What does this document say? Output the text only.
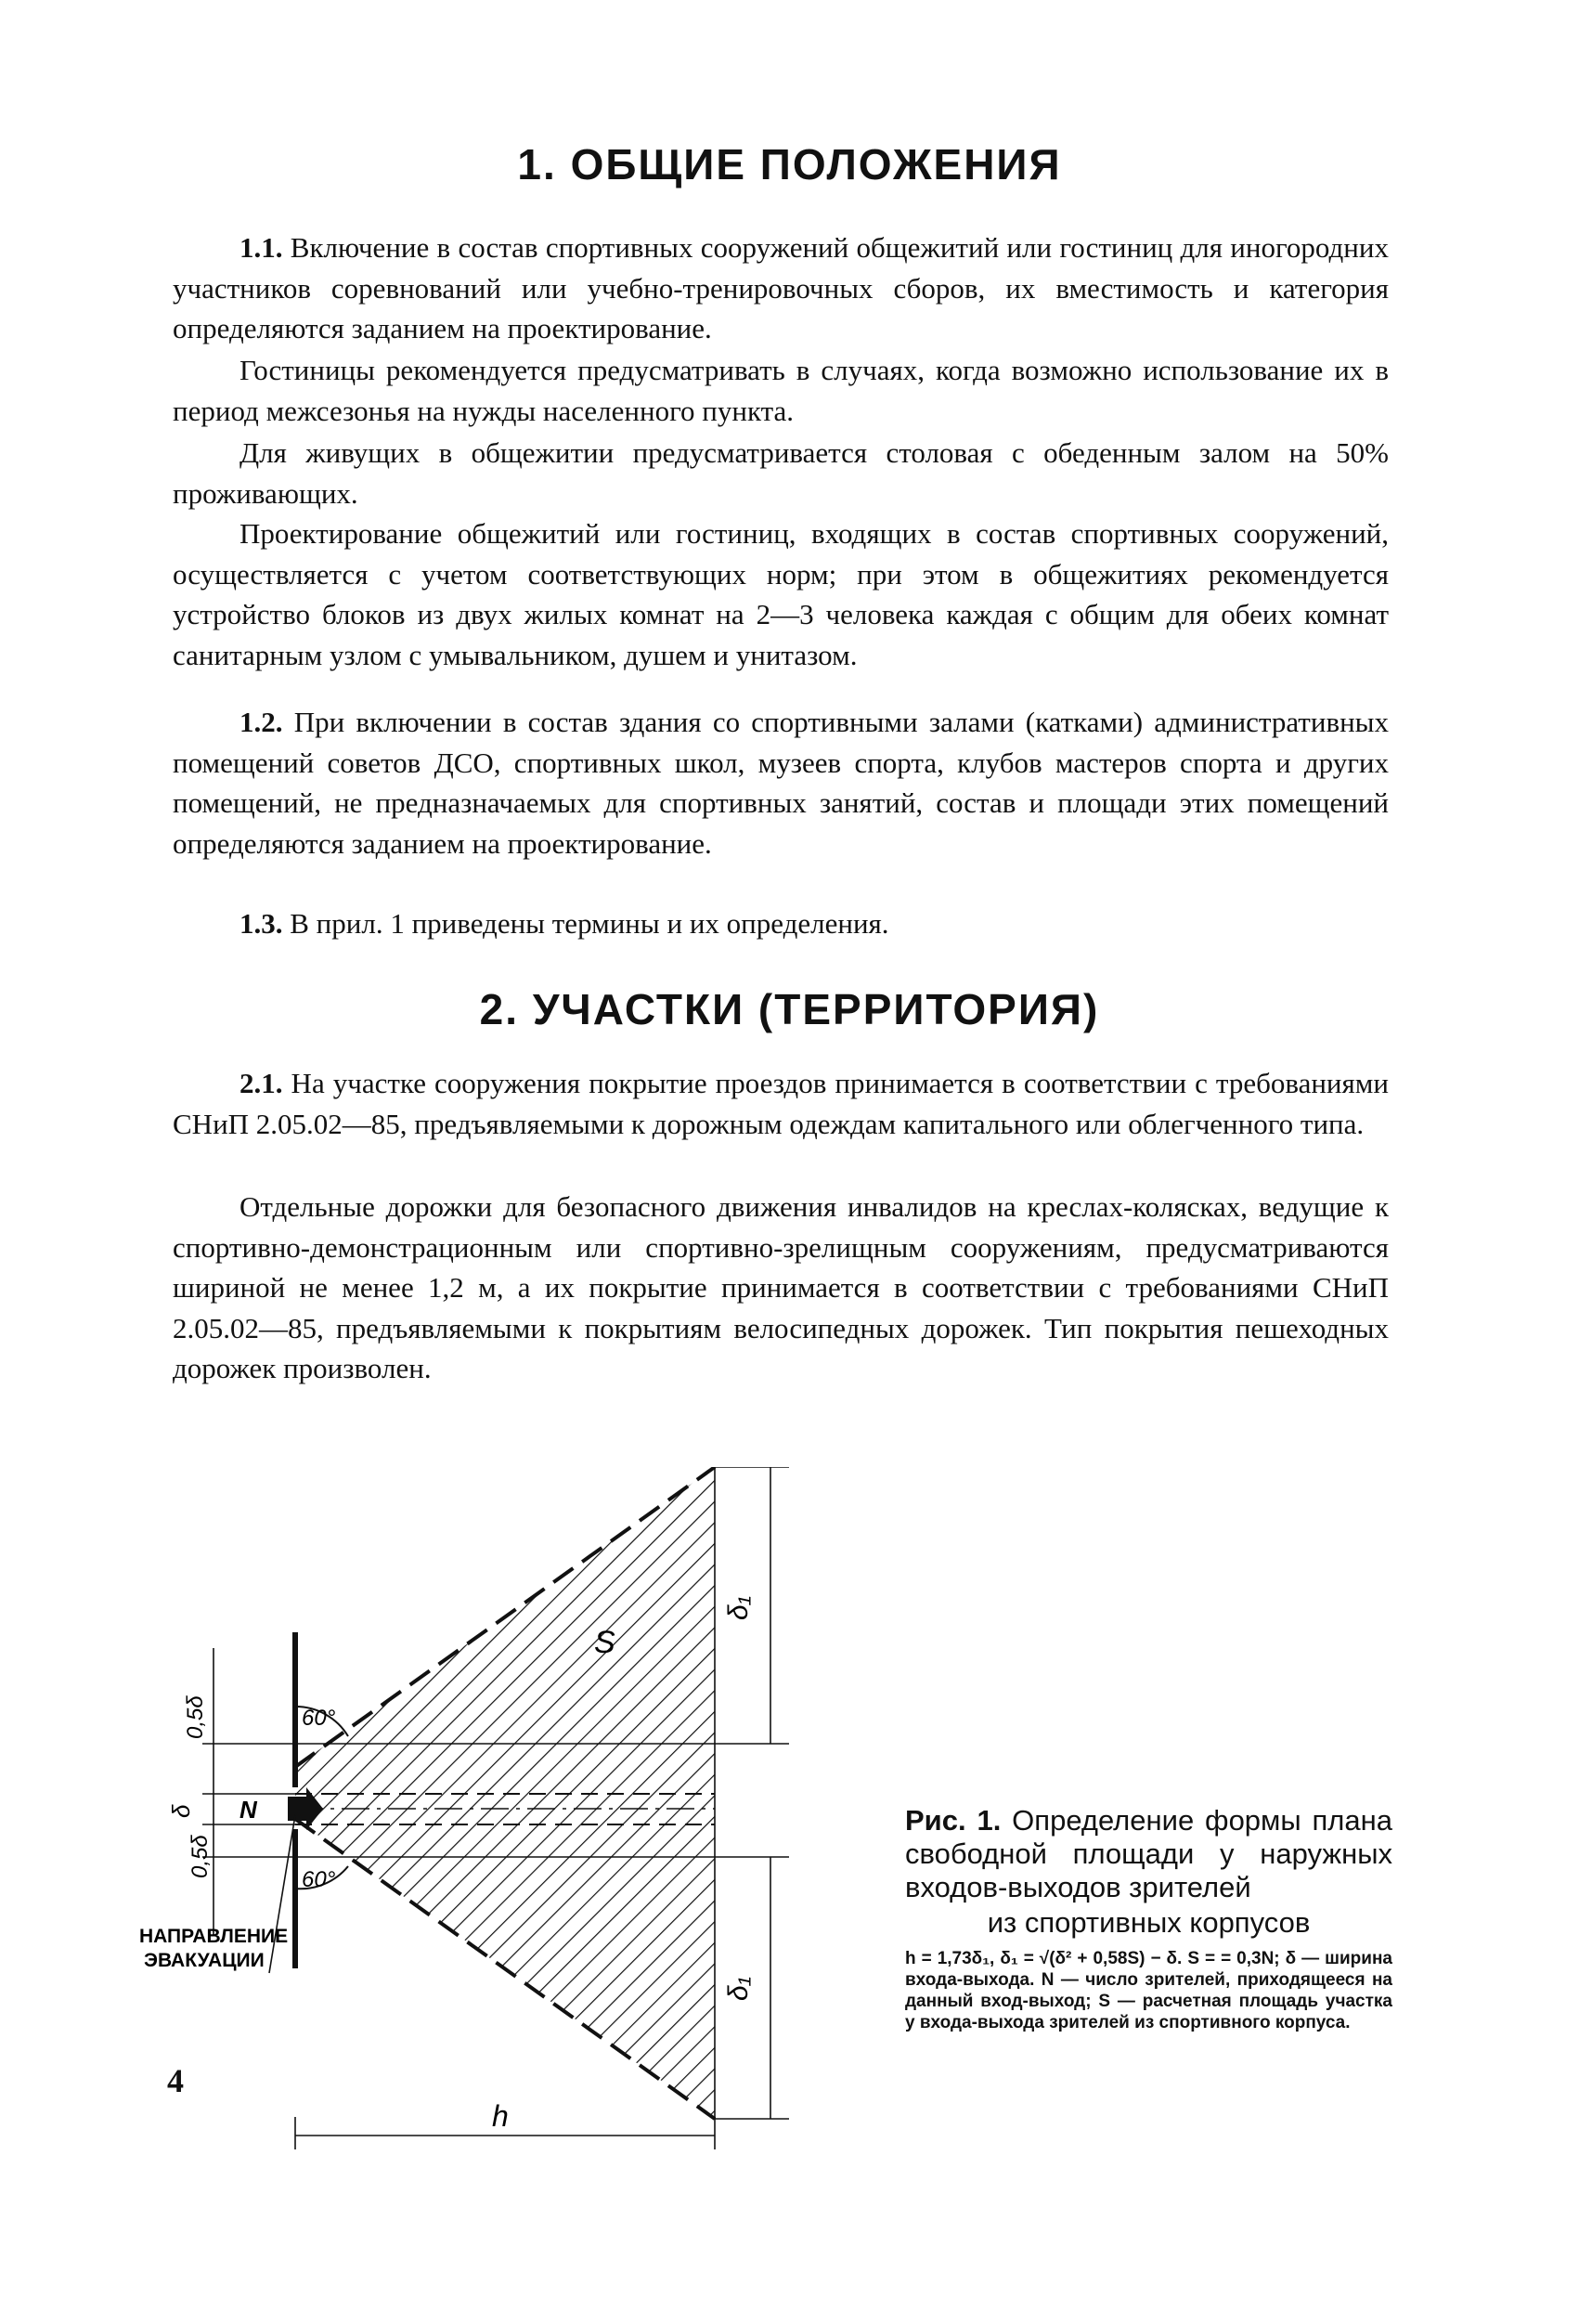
1. ОБЩИЕ ПОЛОЖЕНИЯ

1.1. Включение в состав спортивных сооружений общежитий или гостиниц для иногородних участников соревнований или учебно-тренировочных сборов, их вместимость и категория определяются заданием на проектирование.

Гостиницы рекомендуется предусматривать в случаях, когда возможно использование их в период межсезонья на нужды населенного пункта.

Для живущих в общежитии предусматривается столовая с обеденным залом на 50% проживающих.

Проектирование общежитий или гостиниц, входящих в состав спортивных сооружений, осуществляется с учетом соответствующих норм; при этом в общежитиях рекомендуется устройство блоков из двух жилых комнат на 2—3 человека каждая с общим для обеих комнат санитарным узлом с умывальником, душем и унитазом.

1.2. При включении в состав здания со спортивными залами (катками) административных помещений советов ДСО, спортивных школ, музеев спорта, клубов мастеров спорта и других помещений, не предназначаемых для спортивных занятий, состав и площади этих помещений определяются заданием на проектирование.

1.3. В прил. 1 приведены термины и их определения.

2. УЧАСТКИ (ТЕРРИТОРИЯ)

2.1. На участке сооружения покрытие проездов принимается в соответствии с требованиями СНиП 2.05.02—85, предъявляемыми к дорожным одеждам капитального или облегченного типа.

Отдельные дорожки для безопасного движения инвалидов на креслах-колясках, ведущие к спортивно-демонстрационным или спортивно-зрелищным сооружениям, предусматриваются шириной не менее 1,2 м, а их покрытие принимается в соответствии с требованиями СНиП 2.05.02—85, предъявляемыми к покрытиям велосипедных дорожек. Тип покрытия пешеходных дорожек произволен.

S
δ₁
δ₁
60°
60°
0,5δ
0,5δ
δ N
h
НАПРАВЛЕНИЕ
ЭВАКУАЦИИ

Рис. 1. Определение формы плана свободной площади у наружных входов-выходов зрителей

из спортивных корпусов

h = 1,73δ₁, δ₁ = √(δ² + 0,58S) − δ. S = = 0,3N; δ — ширина входа-выхода. N — число зрителей, приходящееся на данный вход-выход; S — расчетная площадь участка у входа-выхода зрителей из спортивного корпуса.

4
